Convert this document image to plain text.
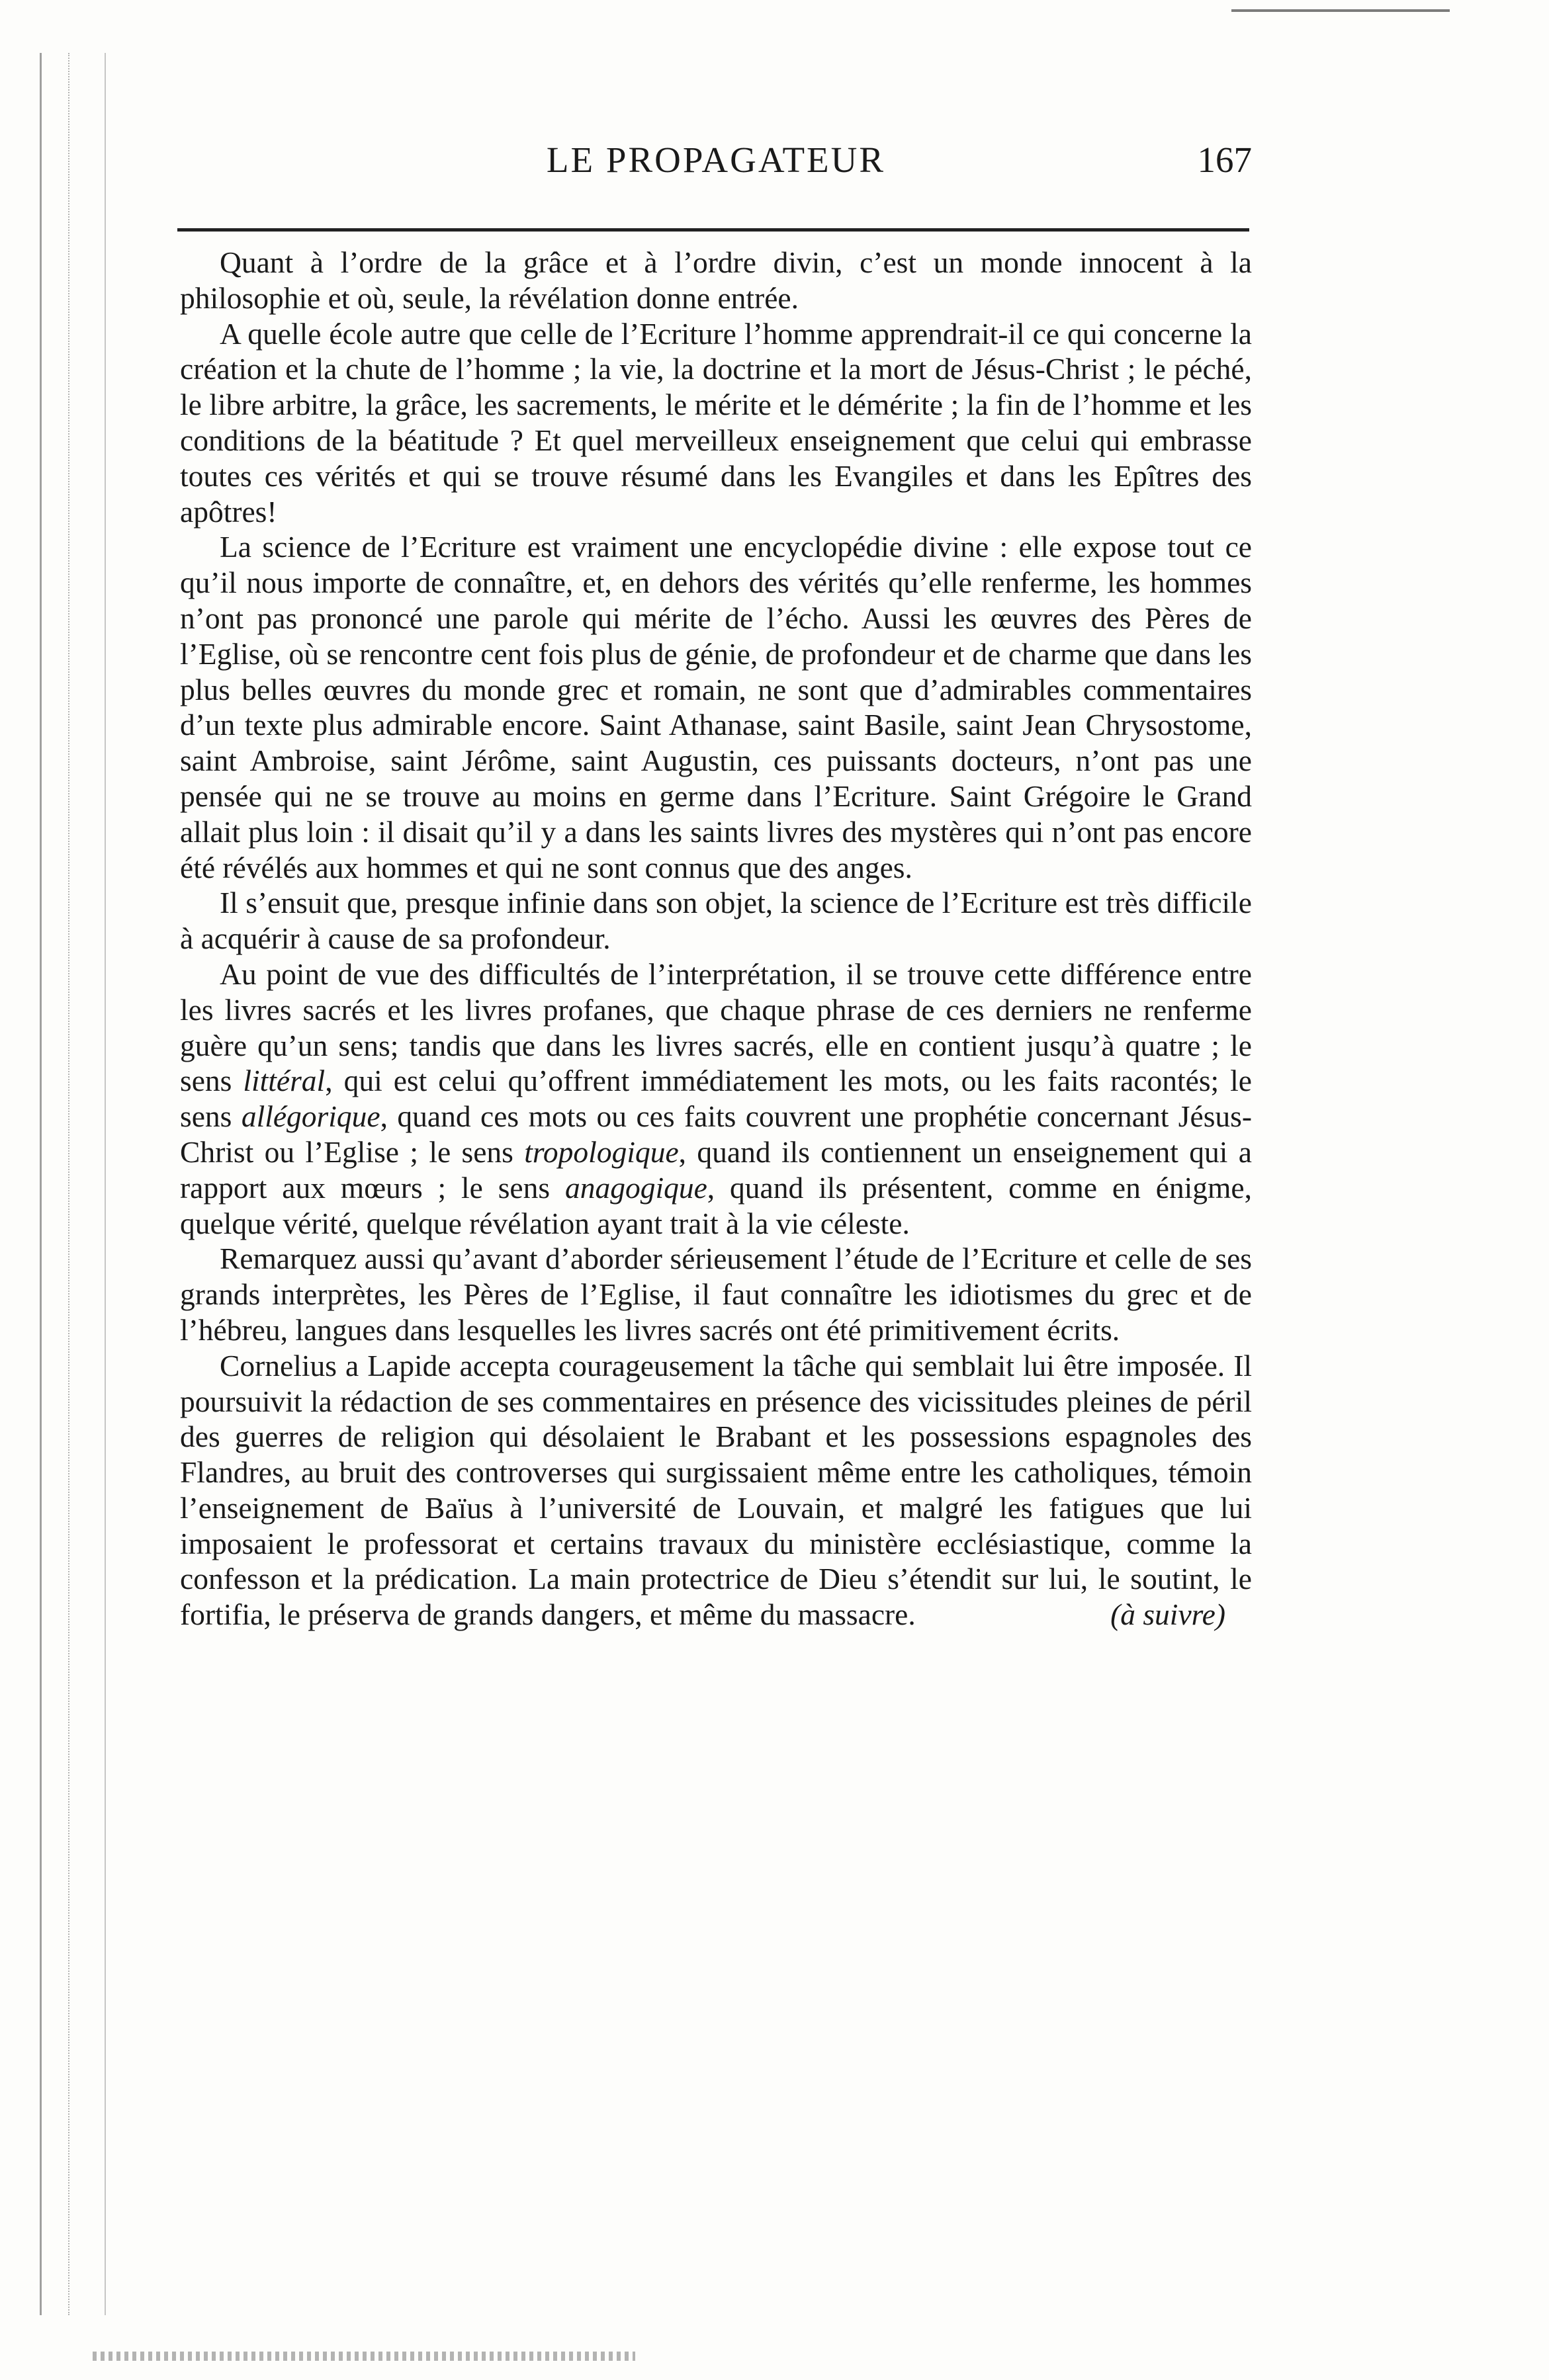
LE PROPAGATEUR	167

Quant à l’ordre de la grâce et à l’ordre divin, c’est un monde innocent à la philosophie et où, seule, la révélation donne entrée.

A quelle école autre que celle de l’Ecriture l’homme apprendrait-il ce qui concerne la création et la chute de l’homme ; la vie, la doctrine et la mort de Jésus-Christ ; le péché, le libre arbitre, la grâce, les sacrements, le mérite et le démérite ; la fin de l’homme et les conditions de la béatitude ? Et quel merveilleux enseignement que celui qui embrasse toutes ces vérités et qui se trouve résumé dans les Evangiles et dans les Epîtres des apôtres!

La science de l’Ecriture est vraiment une encyclopédie divine : elle expose tout ce qu’il nous importe de connaître, et, en dehors des vérités qu’elle renferme, les hommes n’ont pas prononcé une parole qui mérite de l’écho. Aussi les œuvres des Pères de l’Eglise, où se rencontre cent fois plus de génie, de profondeur et de charme que dans les plus belles œuvres du monde grec et romain, ne sont que d’admirables commentaires d’un texte plus admirable encore. Saint Athanase, saint Basile, saint Jean Chrysostome, saint Ambroise, saint Jérôme, saint Augustin, ces puissants docteurs, n’ont pas une pensée qui ne se trouve au moins en germe dans l’Ecriture. Saint Grégoire le Grand allait plus loin : il disait qu’il y a dans les saints livres des mystères qui n’ont pas encore été révélés aux hommes et qui ne sont connus que des anges.

Il s’ensuit que, presque infinie dans son objet, la science de l’Ecriture est très difficile à acquérir à cause de sa profondeur.

Au point de vue des difficultés de l’interprétation, il se trouve cette différence entre les livres sacrés et les livres profanes, que chaque phrase de ces derniers ne renferme guère qu’un sens; tandis que dans les livres sacrés, elle en contient jusqu’à quatre ; le sens littéral, qui est celui qu’offrent immédiatement les mots, ou les faits racontés; le sens allégorique, quand ces mots ou ces faits couvrent une prophétie concernant Jésus-Christ ou l’Eglise ; le sens tropologique, quand ils contiennent un enseignement qui a rapport aux mœurs ; le sens anagogique, quand ils présentent, comme en énigme, quelque vérité, quelque révélation ayant trait à la vie céleste.

Remarquez aussi qu’avant d’aborder sérieusement l’étude de l’Ecriture et celle de ses grands interprètes, les Pères de l’Eglise, il faut connaître les idiotismes du grec et de l’hébreu, langues dans lesquelles les livres sacrés ont été primitivement écrits.

Cornelius a Lapide accepta courageusement la tâche qui semblait lui être imposée. Il poursuivit la rédaction de ses commentaires en présence des vicissitudes pleines de péril des guerres de religion qui désolaient le Brabant et les possessions espagnoles des Flandres, au bruit des controverses qui surgissaient même entre les catholiques, témoin l’enseignement de Baïus à l’université de Louvain, et malgré les fatigues que lui imposaient le professorat et certains travaux du ministère ecclésiastique, comme la confesson et la prédication. La main protectrice de Dieu s’étendit sur lui, le soutint, le fortifia, le préserva de grands dangers, et même du massacre.	(à suivre)
